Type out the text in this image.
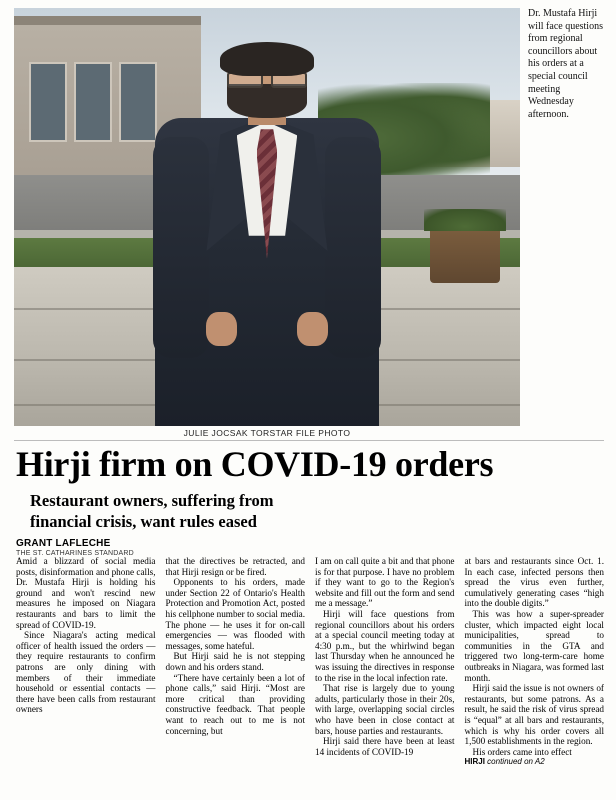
JULIE JOCSAK TORSTAR FILE PHOTO
Dr. Mustafa Hirji will face questions from regional councillors about his orders at a special council meeting Wednesday afternoon.
Hirji firm on COVID-19 orders
Restaurant owners, suffering from financial crisis, want rules eased
GRANT LAFLECHE
THE ST. CATHARINES STANDARD

Amid a blizzard of social media posts, disinformation and phone calls, Dr. Mustafa Hirji is holding his ground and won't rescind new measures he imposed on Niagara restaurants and bars to limit the spread of COVID-19.

Since Niagara's acting medical officer of health issued the orders — they require restaurants to confirm patrons are only dining with members of their immediate household or essential contacts — there have been calls from restaurant owners

that the directives be retracted, and that Hirji resign or be fired.

Opponents to his orders, made under Section 22 of Ontario's Health Protection and Promotion Act, posted his cellphone number to social media. The phone — he uses it for on-call emergencies — was flooded with messages, some hateful.

But Hirji said he is not stepping down and his orders stand.

“There have certainly been a lot of phone calls,” said Hirji. “Most are more critical than providing constructive feedback. That people want to reach out to me is not concerning, but

I am on call quite a bit and that phone is for that purpose. I have no problem if they want to go to the Region's website and fill out the form and send me a message.”

Hirji will face questions from regional councillors about his orders at a special council meeting today at 4:30 p.m., but the whirlwind began last Thursday when he announced he was issuing the directives in response to the rise in the local infection rate.

That rise is largely due to young adults, particularly those in their 20s, with large, overlapping social circles who have been in close contact at bars, house parties and restaurants.

Hirji said there have been at least 14 incidents of COVID-19

at bars and restaurants since Oct. 1. In each case, infected persons then spread the virus even further, cumulatively generating cases “high into the double digits.”

This was how a super-spreader cluster, which impacted eight local municipalities, spread to communities in the GTA and triggered two long-term-care home outbreaks in Niagara, was formed last month.

Hirji said the issue is not owners of restaurants, but some patrons. As a result, he said the risk of virus spread is “equal” at all bars and restaurants, which is why his order covers all 1,500 establishments in the region.

His orders came into effect

HIRJI continued on A2
